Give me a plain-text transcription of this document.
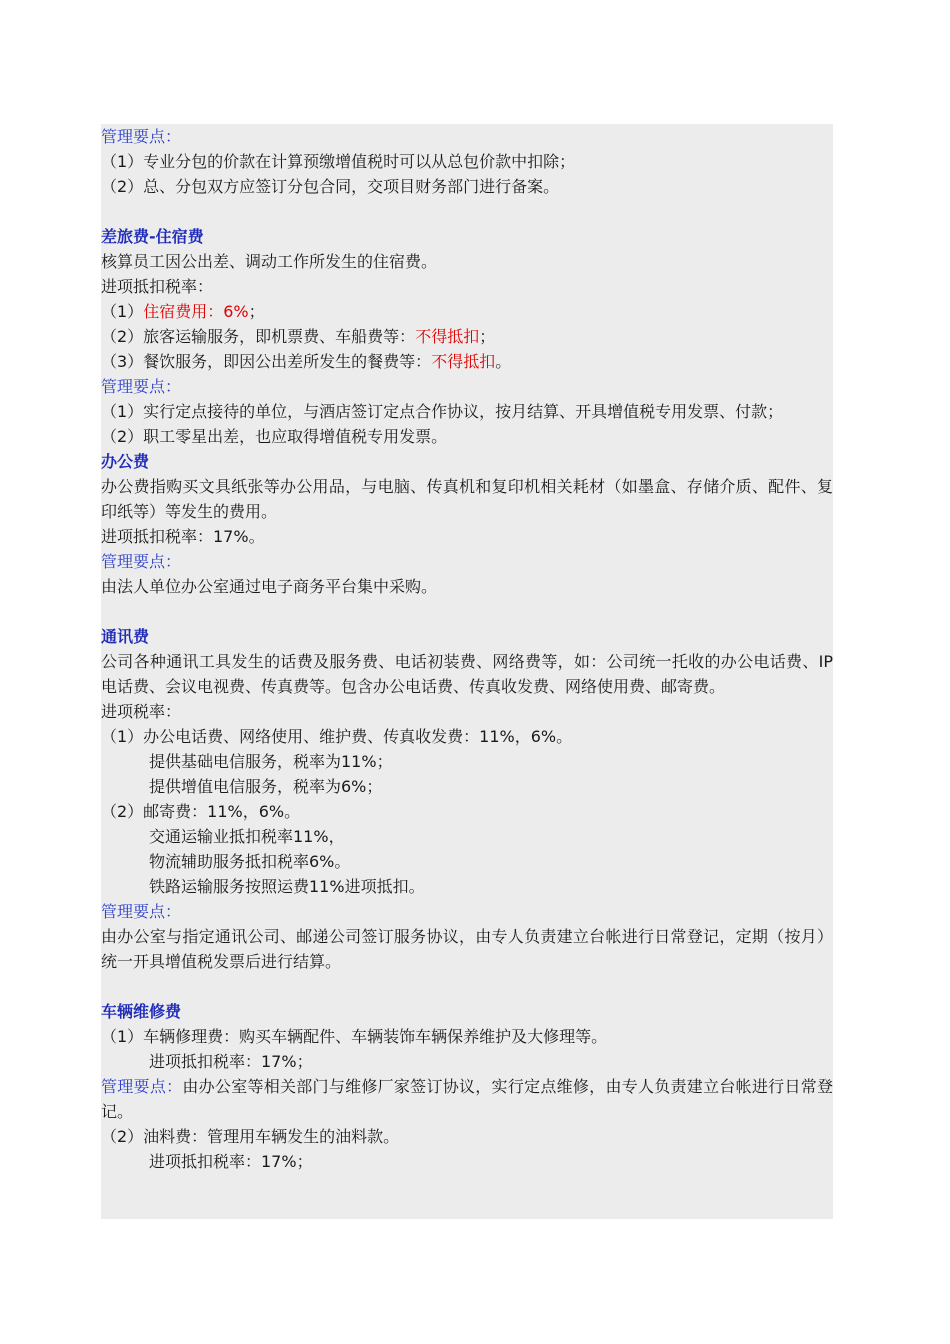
管理要点：

（1）专业分包的价款在计算预缴增值税时可以从总包价款中扣除；

（2）总、分包双方应签订分包合同，交项目财务部门进行备案。

差旅费-住宿费

核算员工因公出差、调动工作所发生的住宿费。

进项抵扣税率：

（1）住宿费用：6%；

（2）旅客运输服务，即机票费、车船费等：不得抵扣；

（3）餐饮服务，即因公出差所发生的餐费等：不得抵扣。

管理要点：

（1）实行定点接待的单位，与酒店签订定点合作协议，按月结算、开具增值税专用发票、付款；

（2）职工零星出差，也应取得增值税专用发票。

办公费

办公费指购买文具纸张等办公用品，与电脑、传真机和复印机相关耗材（如墨盒、存储介质、配件、复印纸等）等发生的费用。

进项抵扣税率：17%。

管理要点：

由法人单位办公室通过电子商务平台集中采购。

通讯费

公司各种通讯工具发生的话费及服务费、电话初装费、网络费等，如：公司统一托收的办公电话费、IP电话费、会议电视费、传真费等。包含办公电话费、传真收发费、网络使用费、邮寄费。

进项税率：

（1）办公电话费、网络使用、维护费、传真收发费：11%，6%。

提供基础电信服务，税率为11%；

提供增值电信服务，税率为6%；

（2）邮寄费：11%，6%。

交通运输业抵扣税率11%，

物流辅助服务抵扣税率6%。

铁路运输服务按照运费11%进项抵扣。

管理要点：

由办公室与指定通讯公司、邮递公司签订服务协议，由专人负责建立台帐进行日常登记，定期（按月）统一开具增值税发票后进行结算。

车辆维修费

（1）车辆修理费：购买车辆配件、车辆装饰车辆保养维护及大修理等。

进项抵扣税率：17%；

管理要点：由办公室等相关部门与维修厂家签订协议，实行定点维修，由专人负责建立台帐进行日常登记。

（2）油料费：管理用车辆发生的油料款。

进项抵扣税率：17%；
